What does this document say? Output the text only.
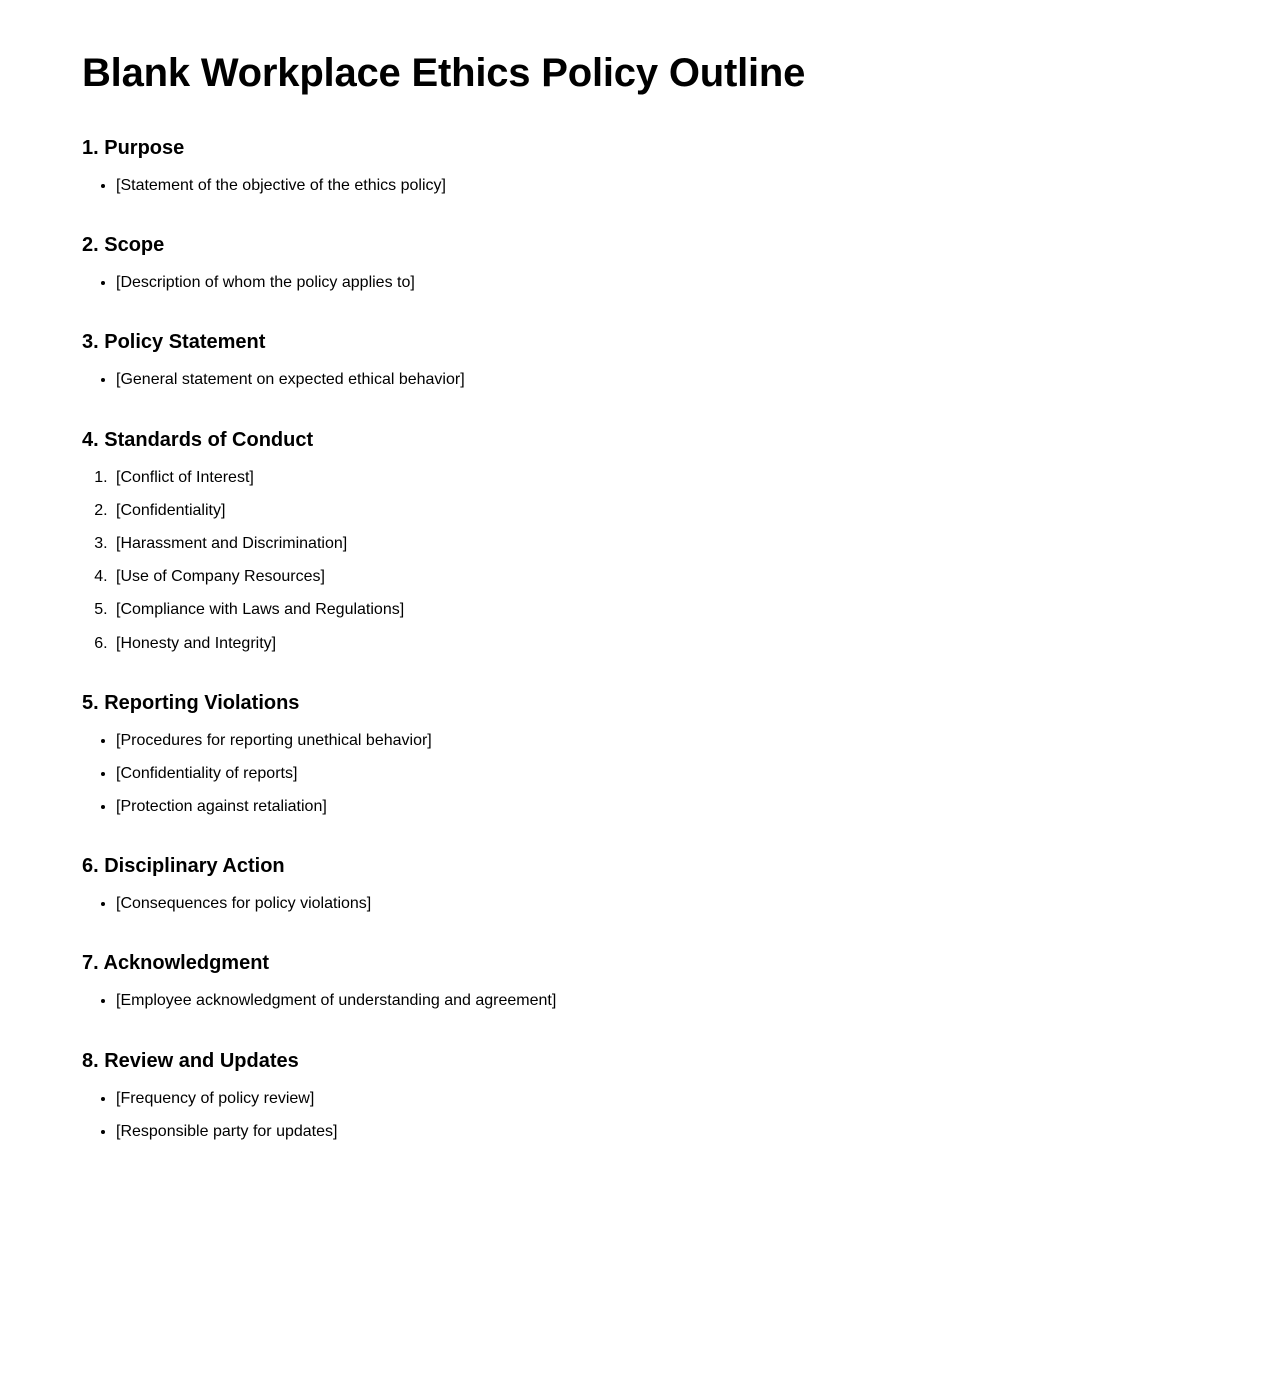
Blank Workplace Ethics Policy Outline
1. Purpose
• [Statement of the objective of the ethics policy]
2. Scope
• [Description of whom the policy applies to]
3. Policy Statement
• [General statement on expected ethical behavior]
4. Standards of Conduct
1. [Conflict of Interest]
2. [Confidentiality]
3. [Harassment and Discrimination]
4. [Use of Company Resources]
5. [Compliance with Laws and Regulations]
6. [Honesty and Integrity]
5. Reporting Violations
• [Procedures for reporting unethical behavior]
• [Confidentiality of reports]
• [Protection against retaliation]
6. Disciplinary Action
• [Consequences for policy violations]
7. Acknowledgment
• [Employee acknowledgment of understanding and agreement]
8. Review and Updates
• [Frequency of policy review]
• [Responsible party for updates]
